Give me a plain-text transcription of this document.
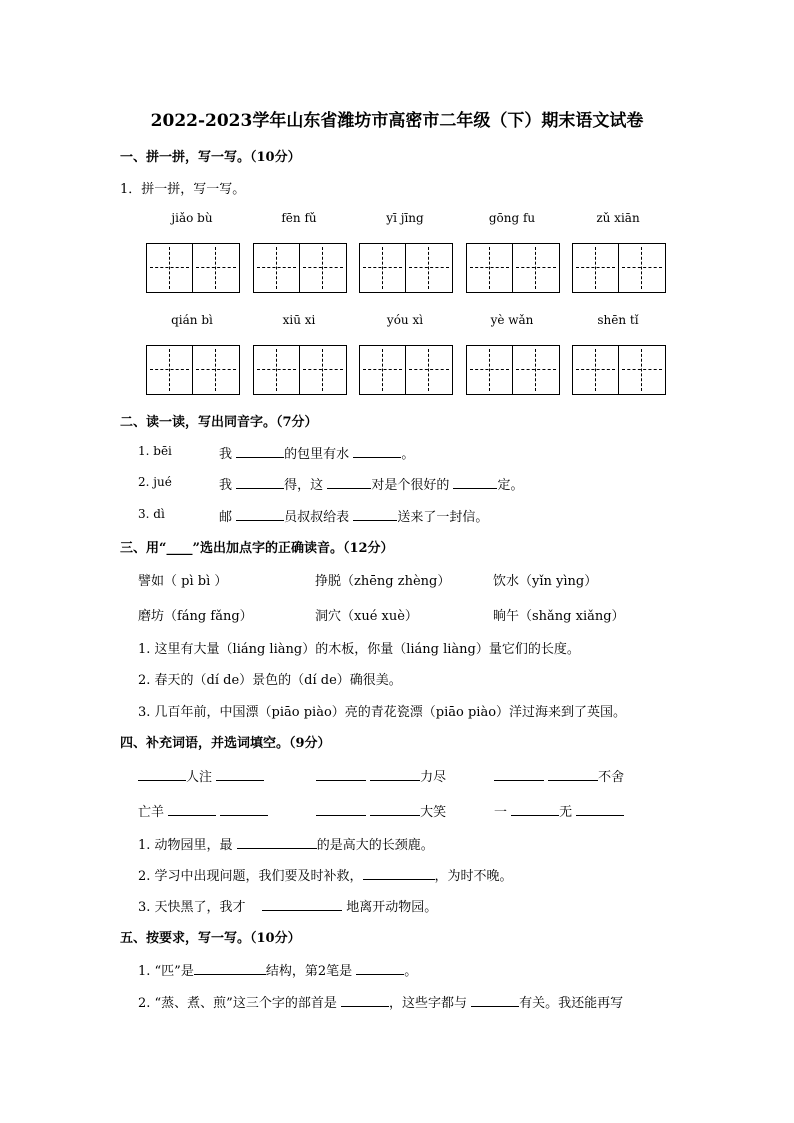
2022-2023学年山东省潍坊市高密市二年级（下）期末语文试卷
一、拼一拼，写一写。（10分）
1．拼一拼，写一写。
jiǎo bù	fēn fǔ	yī jīng	gōng fu	zǔ xiān
qián bì	xiū xi	yóu xì	yè wǎn	shēn tǐ
二、读一读，写出同音字。（7分）
1. bēi	我	的包里有水	。
2. jué	我	得，这	对是个很好的	定。
3. dì	邮	员叔叔给表	送来了一封信。
三、用“____”选出加点字的正确读音。（12分）
譬如（ pì bì ）	挣脱（zhēng zhèng）	饮水（yǐn yìng）
磨坊（fáng fǎng）	洞穴（xué xuè）	晌午（shǎng xiǎng）
1. 这里有大量（liáng liàng）的木板，你量（liáng liàng）量它们的长度。
2. 春天的（dí de）景色的（dí de）确很美。
3. 几百年前，中国漂（piāo piào）亮的青花瓷漂（piāo piào）洋过海来到了英国。
四、补充词语，并选词填空。（9分）
人注	力尽	不舍
亡羊	大笑	一	无
1. 动物园里，最	的是高大的长颈鹿。
2. 学习中出现问题，我们要及时补救，	，为时不晚。
3. 天快黑了，我才	地离开动物园。
五、按要求，写一写。（10分）
1. “匹”是	结构，第2笔是	。
2. “蒸、煮、煎”这三个字的部首是	，这些字都与	有关。我还能再写
